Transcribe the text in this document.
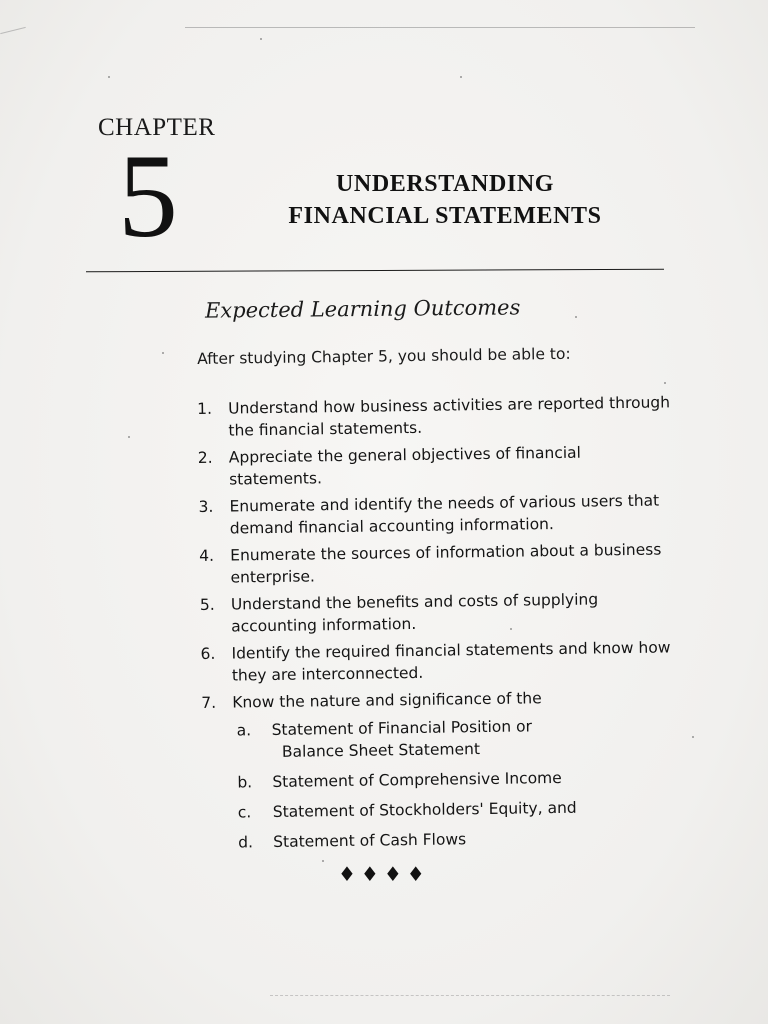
CHAPTER
5	UNDERSTANDING
FINANCIAL STATEMENTS
Expected Learning Outcomes
After studying Chapter 5, you should be able to:
1. Understand how business activities are reported through the financial statements.
2. Appreciate the general objectives of financial statements.
3. Enumerate and identify the needs of various users that demand financial accounting information.
4. Enumerate the sources of information about a business enterprise.
5. Understand the benefits and costs of supplying accounting information.
6. Identify the required financial statements and know how they are interconnected.
7. Know the nature and significance of the
a. Statement of Financial Position or
Balance Sheet Statement
b. Statement of Comprehensive Income
c. Statement of Stockholders' Equity, and
d. Statement of Cash Flows
♦♦♦♦
